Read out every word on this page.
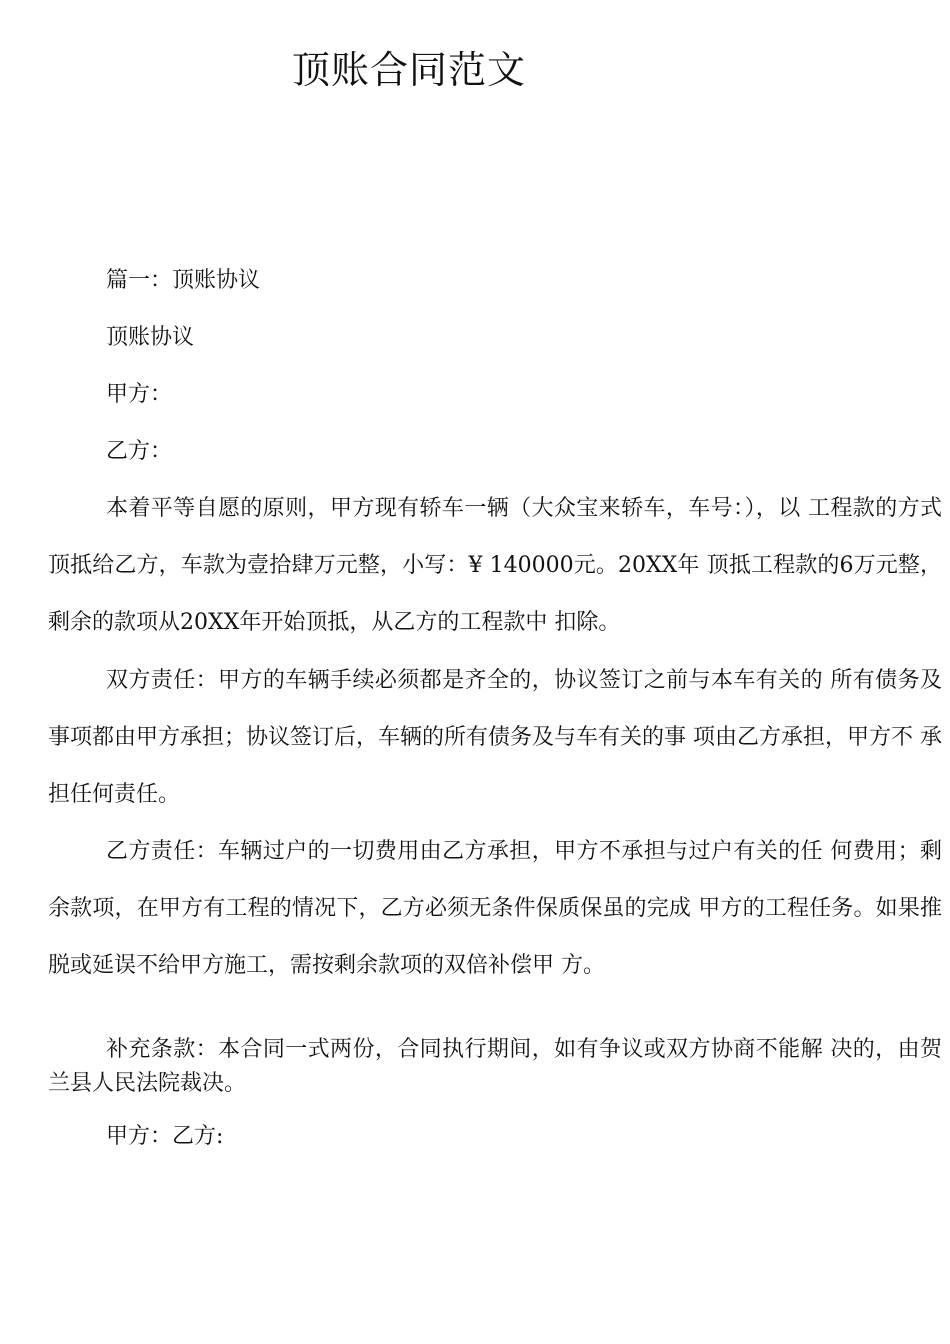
顶账合同范文

篇一：顶账协议

顶账协议

甲方：

乙方：

本着平等自愿的原则，甲方现有轿车一辆（大众宝来轿车，车号：），以 工程款的方式顶抵给乙方，车款为壹拾肆万元整，小写：¥ 140000元。20XX年 顶抵工程款的6万元整，剩余的款项从20XX年开始顶抵，从乙方的工程款中 扣除。

双方责任：甲方的车辆手续必须都是齐全的，协议签订之前与本车有关的 所有债务及事项都由甲方承担；协议签订后，车辆的所有债务及与车有关的事 项由乙方承担，甲方不 承担任何责任。

乙方责任：车辆过户的一切费用由乙方承担，甲方不承担与过户有关的任 何费用；剩余款项，在甲方有工程的情况下，乙方必须无条件保质保虽的完成 甲方的工程任务。如果推脱或延误不给甲方施工，需按剩余款项的双倍补偿甲 方。

补充条款：本合同一式两份，合同执行期间，如有争议或双方协商不能解 决的，由贺兰县人民法院裁决。

甲方：乙方:
